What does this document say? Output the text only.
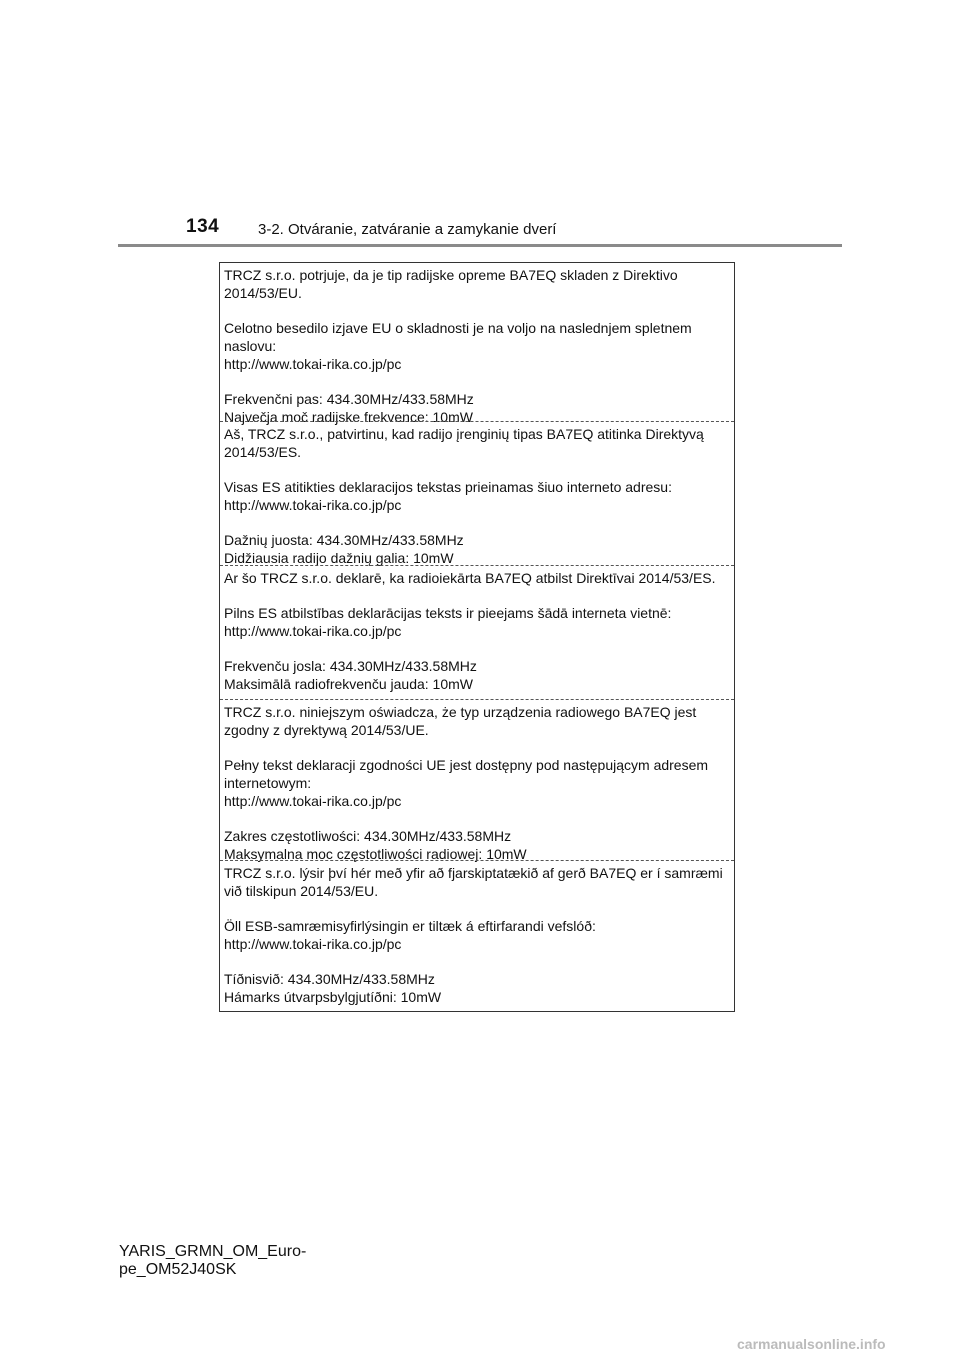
134	3-2. Otváranie, zatváranie a zamykanie dverí

TRCZ s.r.o. potrjuje, da je tip radijske opreme BA7EQ skladen z Direktivo 2014/53/EU.

Celotno besedilo izjave EU o skladnosti je na voljo na naslednjem spletnem naslovu:

http://www.tokai-rika.co.jp/pc

Frekvenčni pas: 434.30MHz/433.58MHz

Največja moč radijske frekvence: 10mW

Aš, TRCZ s.r.o., patvirtinu, kad radijo įrenginių tipas BA7EQ atitinka Direktyvą 2014/53/ES.

Visas ES atitikties deklaracijos tekstas prieinamas šiuo interneto adresu:

http://www.tokai-rika.co.jp/pc

Dažnių juosta: 434.30MHz/433.58MHz

Didžiausia radijo dažnių galia: 10mW

Ar šo TRCZ s.r.o. deklarē, ka radioiekārta BA7EQ atbilst Direktīvai 2014/53/ES.

Pilns ES atbilstības deklarācijas teksts ir pieejams šādā interneta vietnē:

http://www.tokai-rika.co.jp/pc

Frekvenču josla: 434.30MHz/433.58MHz

Maksimālā radiofrekvenču jauda: 10mW

TRCZ s.r.o. niniejszym oświadcza, że typ urządzenia radiowego BA7EQ jest zgodny z dyrektywą 2014/53/UE.

Pełny tekst deklaracji zgodności UE jest dostępny pod następującym adresem internetowym:

http://www.tokai-rika.co.jp/pc

Zakres częstotliwości: 434.30MHz/433.58MHz

Maksymalna moc częstotliwości radiowej: 10mW

TRCZ s.r.o. lýsir því hér með yfir að fjarskiptatækið af gerð BA7EQ er í samræmi við tilskipun 2014/53/EU.

Öll ESB-samræmisyfirlýsingin er tiltæk á eftirfarandi vefslóð:

http://www.tokai-rika.co.jp/pc

Tíðnisvið: 434.30MHz/433.58MHz

Hámarks útvarpsbylgjutíðni: 10mW

YARIS_GRMN_OM_Euro-
pe_OM52J40SK
carmanualsonline.info
